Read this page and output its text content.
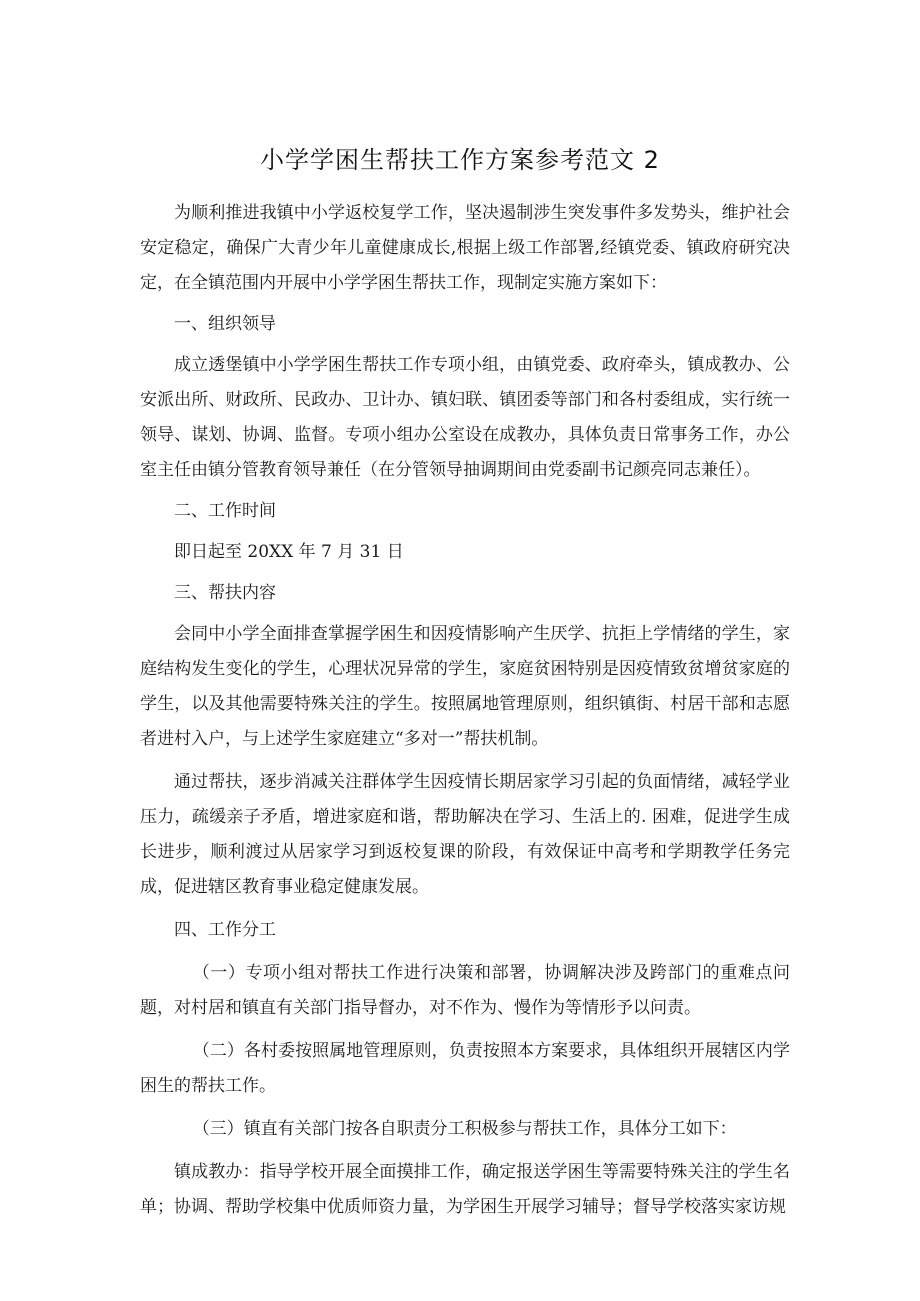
小学学困生帮扶工作方案参考范文 2

为顺利推进我镇中小学返校复学工作，坚决遏制涉生突发事件多发势头，维护社会安定稳定，确保广大青少年儿童健康成长,根据上级工作部署,经镇党委、镇政府研究决定，在全镇范围内开展中小学学困生帮扶工作，现制定实施方案如下：

一、组织领导

成立透堡镇中小学学困生帮扶工作专项小组，由镇党委、政府牵头，镇成教办、公安派出所、财政所、民政办、卫计办、镇妇联、镇团委等部门和各村委组成，实行统一领导、谋划、协调、监督。专项小组办公室设在成教办，具体负责日常事务工作，办公室主任由镇分管教育领导兼任（在分管领导抽调期间由党委副书记颜亮同志兼任）。

二、工作时间

即日起至 20XX 年 7 月 31 日

三、帮扶内容

会同中小学全面排查掌握学困生和因疫情影响产生厌学、抗拒上学情绪的学生，家庭结构发生变化的学生，心理状况异常的学生，家庭贫困特别是因疫情致贫增贫家庭的学生，以及其他需要特殊关注的学生。按照属地管理原则，组织镇街、村居干部和志愿者进村入户，与上述学生家庭建立“多对一”帮扶机制。

通过帮扶，逐步消减关注群体学生因疫情长期居家学习引起的负面情绪，减轻学业压力，疏缓亲子矛盾，增进家庭和谐，帮助解决在学习、生活上的. 困难，促进学生成长进步，顺利渡过从居家学习到返校复课的阶段，有效保证中高考和学期教学任务完成，促进辖区教育事业稳定健康发展。

四、工作分工

（一）专项小组对帮扶工作进行决策和部署，协调解决涉及跨部门的重难点问题，对村居和镇直有关部门指导督办，对不作为、慢作为等情形予以问责。

（二）各村委按照属地管理原则，负责按照本方案要求，具体组织开展辖区内学困生的帮扶工作。

（三）镇直有关部门按各自职责分工积极参与帮扶工作，具体分工如下：

镇成教办：指导学校开展全面摸排工作，确定报送学困生等需要特殊关注的学生名单；协调、帮助学校集中优质师资力量，为学困生开展学习辅导；督导学校落实家访规
